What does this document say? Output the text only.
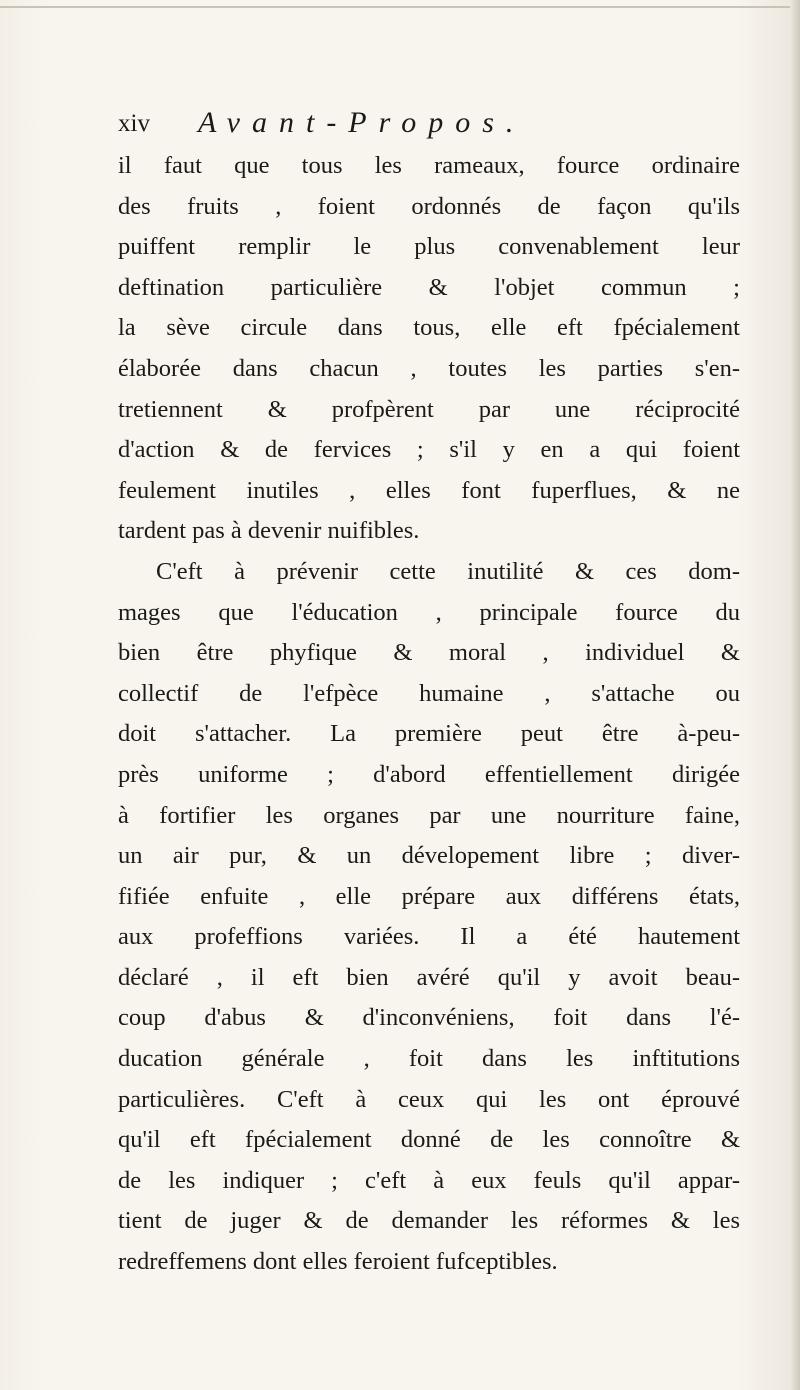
xiv Avant-Propos.
il faut que tous les rameaux, fource ordinaire
des fruits , foient ordonnés de façon qu'ils
puiffent remplir le plus convenablement leur
deftination particulière & l'objet commun ;
la sève circule dans tous, elle eft fpécialement
élaborée dans chacun , toutes les parties s'en-
tretiennent & profpèrent par une réciprocité
d'action & de fervices ; s'il y en a qui foient
feulement inutiles , elles font fuperflues, & ne
tardent pas à devenir nuifibles.
C'eft à prévenir cette inutilité & ces dom-
mages que l'éducation , principale fource du
bien être phyfique & moral , individuel &
collectif de l'efpèce humaine , s'attache ou
doit s'attacher. La première peut être à-peu-
près uniforme ; d'abord effentiellement dirigée
à fortifier les organes par une nourriture faine,
un air pur, & un dévelopement libre ; diver-
fifiée enfuite , elle prépare aux différens états,
aux profeffions variées. Il a été hautement
déclaré , il eft bien avéré qu'il y avoit beau-
coup d'abus & d'inconvéniens, foit dans l'é-
ducation générale , foit dans les inftitutions
particulières. C'eft à ceux qui les ont éprouvé
qu'il eft fpécialement donné de les connoître &
de les indiquer ; c'eft à eux feuls qu'il appar-
tient de juger & de demander les réformes & les
redreffemens dont elles feroient fufceptibles.
